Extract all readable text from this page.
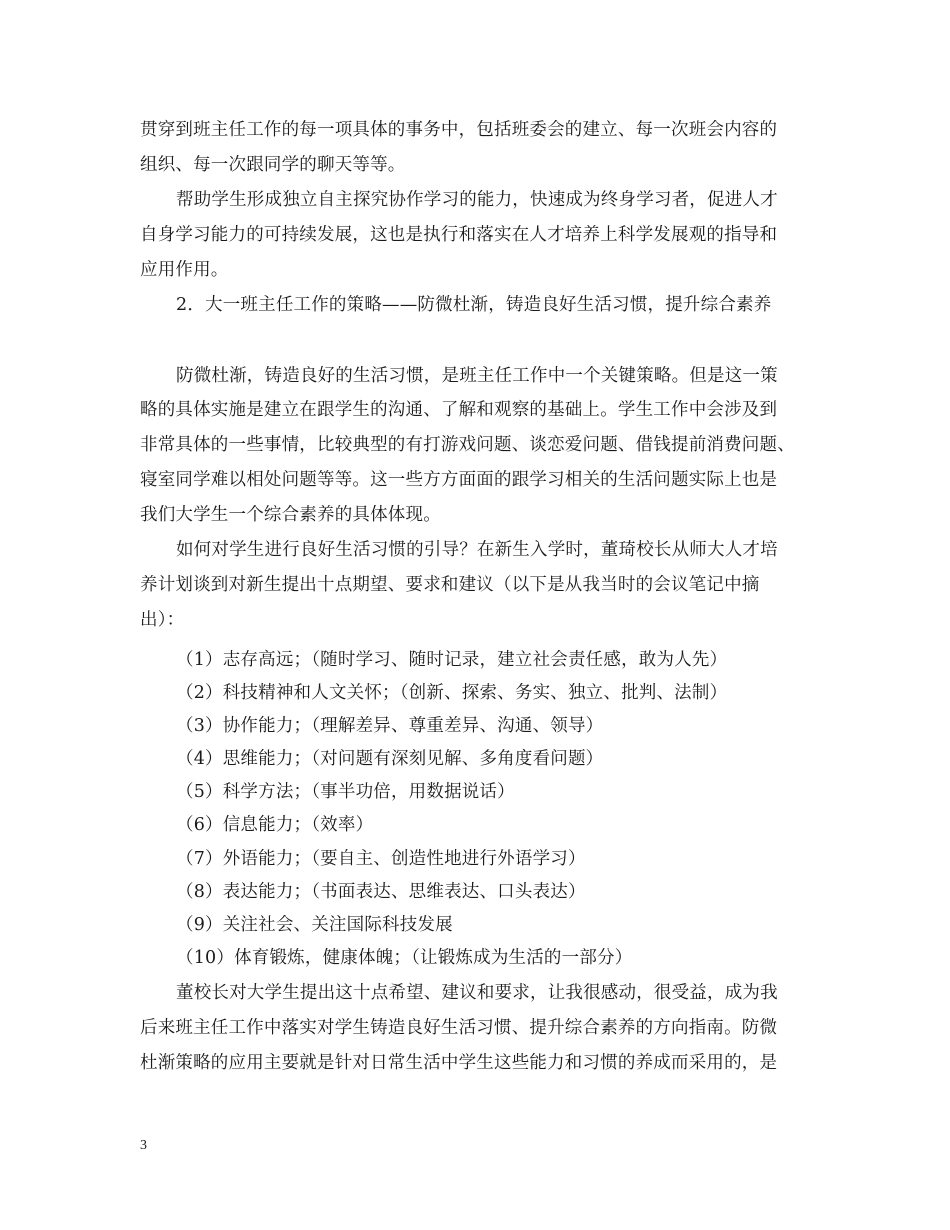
贯穿到班主任工作的每一项具体的事务中，包括班委会的建立、每一次班会内容的
组织、每一次跟同学的聊天等等。
帮助学生形成独立自主探究协作学习的能力，快速成为终身学习者，促进人才
自身学习能力的可持续发展，这也是执行和落实在人才培养上科学发展观的指导和
应用作用。
2．大一班主任工作的策略——防微杜渐，铸造良好生活习惯，提升综合素养
防微杜渐，铸造良好的生活习惯，是班主任工作中一个关键策略。但是这一策
略的具体实施是建立在跟学生的沟通、了解和观察的基础上。学生工作中会涉及到
非常具体的一些事情，比较典型的有打游戏问题、谈恋爱问题、借钱提前消费问题、
寝室同学难以相处问题等等。这一些方方面面的跟学习相关的生活问题实际上也是
我们大学生一个综合素养的具体体现。
如何对学生进行良好生活习惯的引导？在新生入学时，董琦校长从师大人才培
养计划谈到对新生提出十点期望、要求和建议（以下是从我当时的会议笔记中摘
出）：
（1）志存高远；（随时学习、随时记录，建立社会责任感，敢为人先）
（2）科技精神和人文关怀；（创新、探索、务实、独立、批判、法制）
（3）协作能力；（理解差异、尊重差异、沟通、领导）
（4）思维能力；（对问题有深刻见解、多角度看问题）
（5）科学方法；（事半功倍，用数据说话）
（6）信息能力；（效率）
（7）外语能力；（要自主、创造性地进行外语学习）
（8）表达能力；（书面表达、思维表达、口头表达）
（9）关注社会、关注国际科技发展
（10）体育锻炼，健康体魄；（让锻炼成为生活的一部分）
董校长对大学生提出这十点希望、建议和要求，让我很感动，很受益，成为我
后来班主任工作中落实对学生铸造良好生活习惯、提升综合素养的方向指南。防微
杜渐策略的应用主要就是针对日常生活中学生这些能力和习惯的养成而采用的，是
3
